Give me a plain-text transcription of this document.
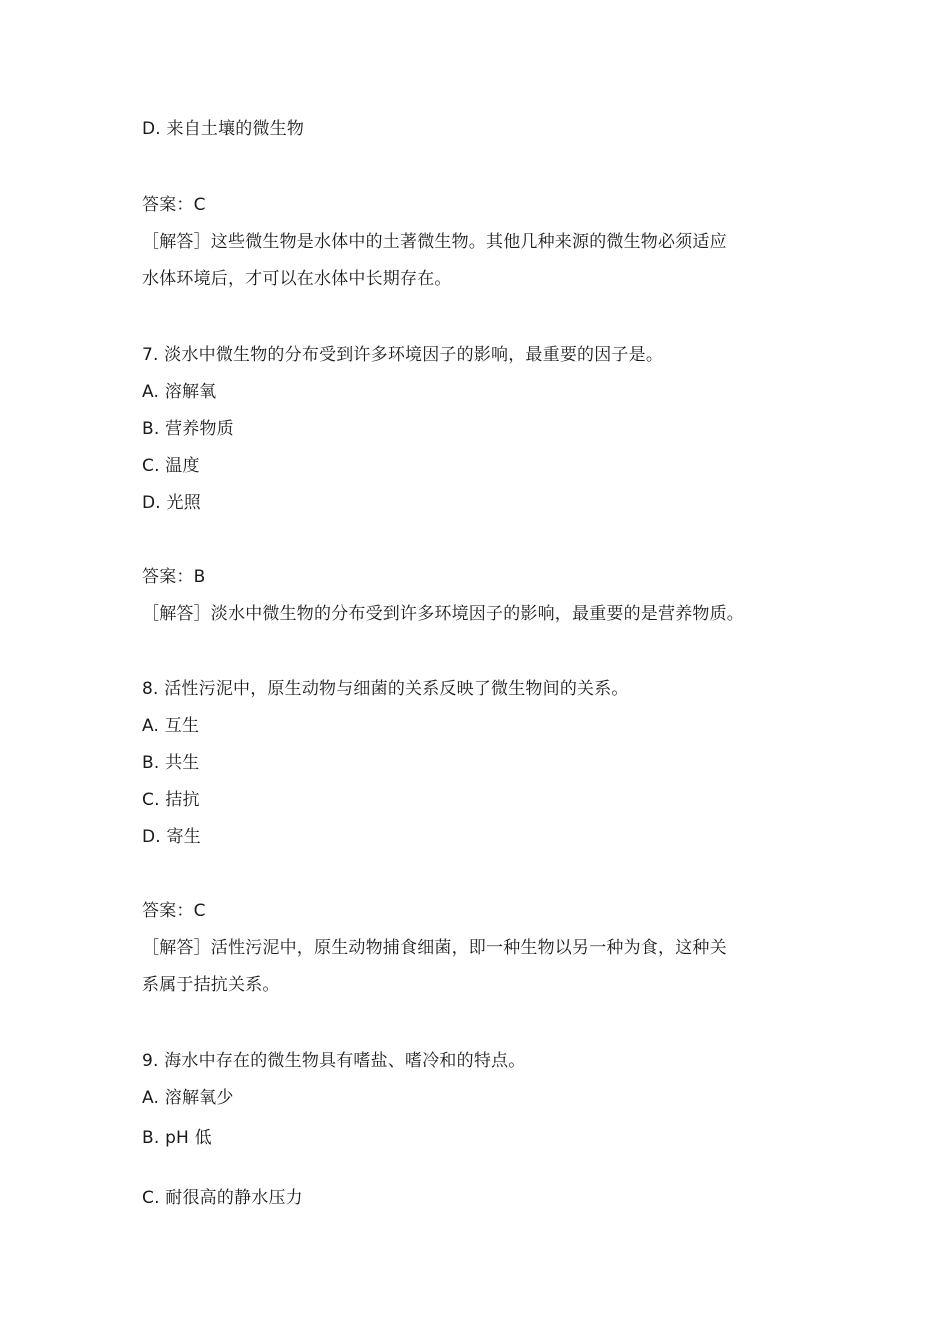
D. 来自土壤的微生物
答案：C
［解答］这些微生物是水体中的土著微生物。其他几种来源的微生物必须适应
水体环境后，才可以在水体中长期存在。
7. 淡水中微生物的分布受到许多环境因子的影响，最重要的因子是。
A. 溶解氧
B. 营养物质
C. 温度
D. 光照
答案：B
［解答］淡水中微生物的分布受到许多环境因子的影响，最重要的是营养物质。
8. 活性污泥中，原生动物与细菌的关系反映了微生物间的关系。
A. 互生
B. 共生
C. 拮抗
D. 寄生
答案：C
［解答］活性污泥中，原生动物捕食细菌，即一种生物以另一种为食，这种关
系属于拮抗关系。
9. 海水中存在的微生物具有嗜盐、嗜冷和的特点。
A. 溶解氧少
B. pH 低
C. 耐很高的静水压力
